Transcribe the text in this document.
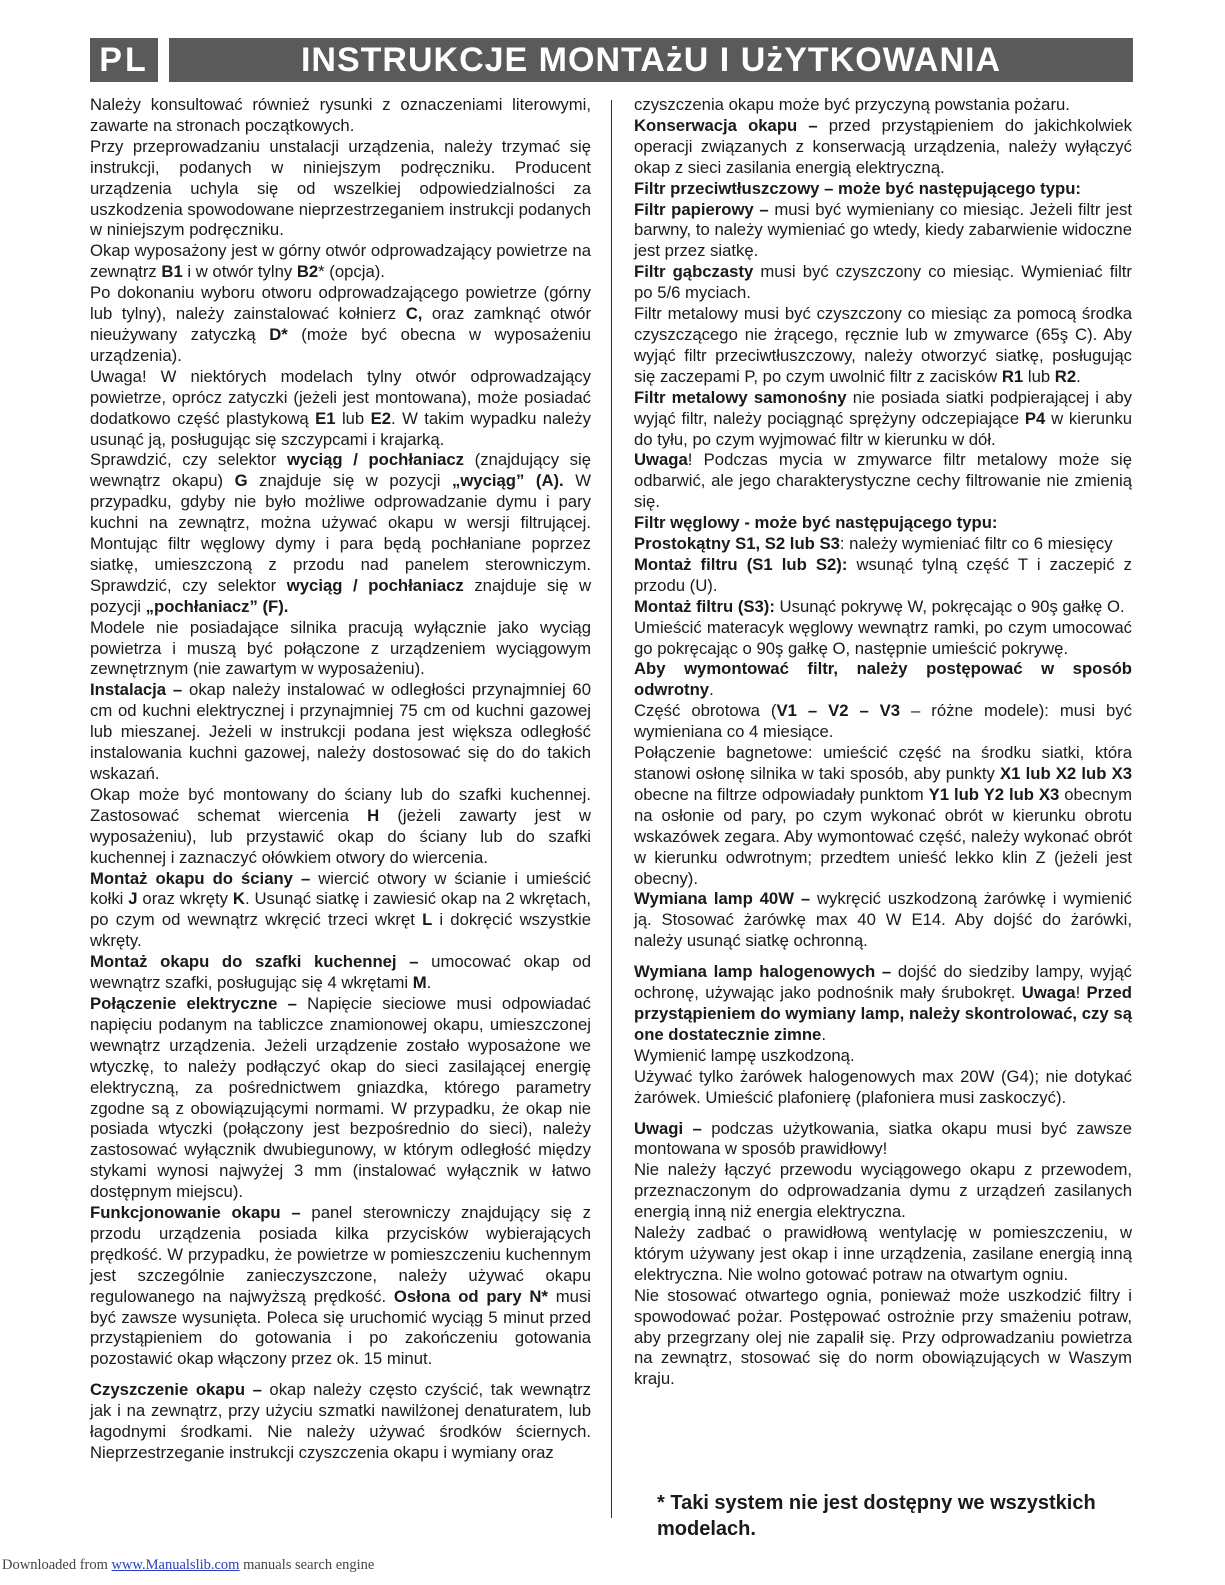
PL	INSTRUKCJE MONTAżU I UżYTKOWANIA

Należy konsultować również rysunki z oznaczeniami literowymi, zawarte na stronach początkowych.

Przy przeprowadzaniu unstalacji urządzenia, należy trzymać się instrukcji, podanych w niniejszym podręczniku. Producent urządzenia uchyla się od wszelkiej odpowiedzialności za uszkodzenia spowodowane nieprzestrzeganiem instrukcji podanych w niniejszym podręczniku.

Okap wyposażony jest w górny otwór odprowadzający powietrze na zewnątrz B1 i w otwór tylny B2* (opcja).

Po dokonaniu wyboru otworu odprowadzającego powietrze (górny lub tylny), należy zainstalować kołnierz C, oraz zamknąć otwór nieużywany zatyczką D* (może być obecna w wyposażeniu urządzenia).

Uwaga! W niektórych modelach tylny otwór odprowadzający powietrze, oprócz zatyczki (jeżeli jest montowana), może posiadać dodatkowo część plastykową E1 lub E2. W takim wypadku należy usunąć ją, posługując się szczypcami i krajarką.

Sprawdzić, czy selektor wyciąg / pochłaniacz (znajdujący się wewnątrz okapu) G znajduje się w pozycji „wyciąg” (A). W przypadku, gdyby nie było możliwe odprowadzanie dymu i pary kuchni na zewnątrz, można używać okapu w wersji filtrującej. Montując filtr węglowy dymy i para będą pochłaniane poprzez siatkę, umieszczoną z przodu nad panelem sterowniczym. Sprawdzić, czy selektor wyciąg / pochłaniacz znajduje się w pozycji „pochłaniacz” (F).

Modele nie posiadające silnika pracują wyłącznie jako wyciąg powietrza i muszą być połączone z urządzeniem wyciągowym zewnętrznym (nie zawartym w wyposażeniu).

Instalacja – okap należy instalować w odległości przynajmniej 60 cm od kuchni elektrycznej i przynajmniej 75 cm od kuchni gazowej lub mieszanej. Jeżeli w instrukcji podana jest większa odległość instalowania kuchni gazowej, należy dostosować się do do takich wskazań.

Okap może być montowany do ściany lub do szafki kuchennej. Zastosować schemat wiercenia H (jeżeli zawarty jest w wyposażeniu), lub przystawić okap do ściany lub do szafki kuchennej i zaznaczyć ołówkiem otwory do wiercenia.

Montaż okapu do ściany – wiercić otwory w ścianie i umieścić kołki J oraz wkręty K. Usunąć siatkę i zawiesić okap na 2 wkrętach, po czym od wewnątrz wkręcić trzeci wkręt L i dokręcić wszystkie wkręty.

Montaż okapu do szafki kuchennej – umocować okap od wewnątrz szafki, posługując się 4 wkrętami M.

Połączenie elektryczne – Napięcie sieciowe musi odpowiadać napięciu podanym na tabliczce znamionowej okapu, umieszczonej wewnątrz urządzenia. Jeżeli urządzenie zostało wyposażone we wtyczkę, to należy podłączyć okap do sieci zasilającej energię elektryczną, za pośrednictwem gniazdka, którego parametry zgodne są z obowiązującymi normami. W przypadku, że okap nie posiada wtyczki (połączony jest bezpośrednio do sieci), należy zastosować wyłącznik dwubiegunowy, w którym odległość między stykami wynosi najwyżej 3 mm (instalować wyłącznik w łatwo dostępnym miejscu).

Funkcjonowanie okapu – panel sterowniczy znajdujący się z przodu urządzenia posiada kilka przycisków wybierających prędkość. W przypadku, że powietrze w pomieszczeniu kuchennym jest szczególnie zanieczyszczone, należy używać okapu regulowanego na najwyższą prędkość. Osłona od pary N* musi być zawsze wysunięta. Poleca się uruchomić wyciąg 5 minut przed przystąpieniem do gotowania i po zakończeniu gotowania pozostawić okap włączony przez ok. 15 minut.

Czyszczenie okapu – okap należy często czyścić, tak wewnątrz jak i na zewnątrz, przy użyciu szmatki nawilżonej denaturatem, lub łagodnymi środkami. Nie należy używać środków ściernych. Nieprzestrzeganie instrukcji czyszczenia okapu i wymiany oraz

czyszczenia okapu może być przyczyną powstania pożaru.

Konserwacja okapu – przed przystąpieniem do jakichkolwiek operacji związanych z konserwacją urządzenia, należy wyłączyć okap z sieci zasilania energią elektryczną.

Filtr przeciwtłuszczowy – może być następującego typu:

Filtr papierowy – musi być wymieniany co miesiąc. Jeżeli filtr jest barwny, to należy wymieniać go wtedy, kiedy zabarwienie widoczne jest przez siatkę.

Filtr gąbczasty musi być czyszczony co miesiąc. Wymieniać filtr po 5/6 myciach.

Filtr metalowy musi być czyszczony co miesiąc za pomocą środka czyszczącego nie żrącego, ręcznie lub w zmywarce (65ş C). Aby wyjąć filtr przeciwtłuszczowy, należy otworzyć siatkę, posługując się zaczepami P, po czym uwolnić filtr z zacisków R1 lub R2.

Filtr metalowy samonośny nie posiada siatki podpierającej i aby wyjąć filtr, należy pociągnąć sprężyny odczepiające P4 w kierunku do tyłu, po czym wyjmować filtr w kierunku w dół.

Uwaga! Podczas mycia w zmywarce filtr metalowy może się odbarwić, ale jego charakterystyczne cechy filtrowanie nie zmienią się.

Filtr węglowy - może być następującego typu:

Prostokątny S1, S2 lub S3: należy wymieniać filtr co 6 miesięcy

Montaż filtru (S1 lub S2): wsunąć tylną część T i zaczepić z przodu (U).

Montaż filtru (S3): Usunąć pokrywę W, pokręcając o 90ş gałkę O.

Umieścić materacyk węglowy wewnątrz ramki, po czym umocować go pokręcając o 90ş gałkę O, następnie umieścić pokrywę.

Aby wymontować filtr, należy postępować w sposób odwrotny.

Część obrotowa (V1 – V2 – V3 – różne modele): musi być wymieniana co 4 miesiące.

Połączenie bagnetowe: umieścić część na środku siatki, która stanowi osłonę silnika w taki sposób, aby punkty X1 lub X2 lub X3 obecne na filtrze odpowiadały punktom Y1 lub Y2 lub X3 obecnym na osłonie od pary, po czym wykonać obrót w kierunku obrotu wskazówek zegara. Aby wymontować część, należy wykonać obrót w kierunku odwrotnym; przedtem unieść lekko klin Z (jeżeli jest obecny).

Wymiana lamp 40W – wykręcić uszkodzoną żarówkę i wymienić ją. Stosować żarówkę max 40 W E14. Aby dojść do żarówki, należy usunąć siatkę ochronną.

Wymiana lamp halogenowych – dojść do siedziby lampy, wyjąć ochronę, używając jako podnośnik mały śrubokręt. Uwaga! Przed przystąpieniem do wymiany lamp, należy skontrolować, czy są one dostatecznie zimne.

Wymienić lampę uszkodzoną.

Używać tylko żarówek halogenowych max 20W (G4); nie dotykać żarówek. Umieścić plafonierę (plafoniera musi zaskoczyć).

Uwagi – podczas użytkowania, siatka okapu musi być zawsze montowana w sposób prawidłowy!

Nie należy łączyć przewodu wyciągowego okapu z przewodem, przeznaczonym do odprowadzania dymu z urządzeń zasilanych energią inną niż energia elektryczna.

Należy zadbać o prawidłową wentylację w pomieszczeniu, w którym używany jest okap i inne urządzenia, zasilane energią inną elektryczna. Nie wolno gotować potraw na otwartym ogniu.

Nie stosować otwartego ognia, ponieważ może uszkodzić filtry i spowodować pożar. Postępować ostrożnie przy smażeniu potraw, aby przegrzany olej nie zapalił się. Przy odprowadzaniu powietrza na zewnątrz, stosować się do norm obowiązujących w Waszym kraju.

* Taki system nie jest dostępny we wszystkich modelach.
Downloaded from www.Manualslib.com manuals search engine
